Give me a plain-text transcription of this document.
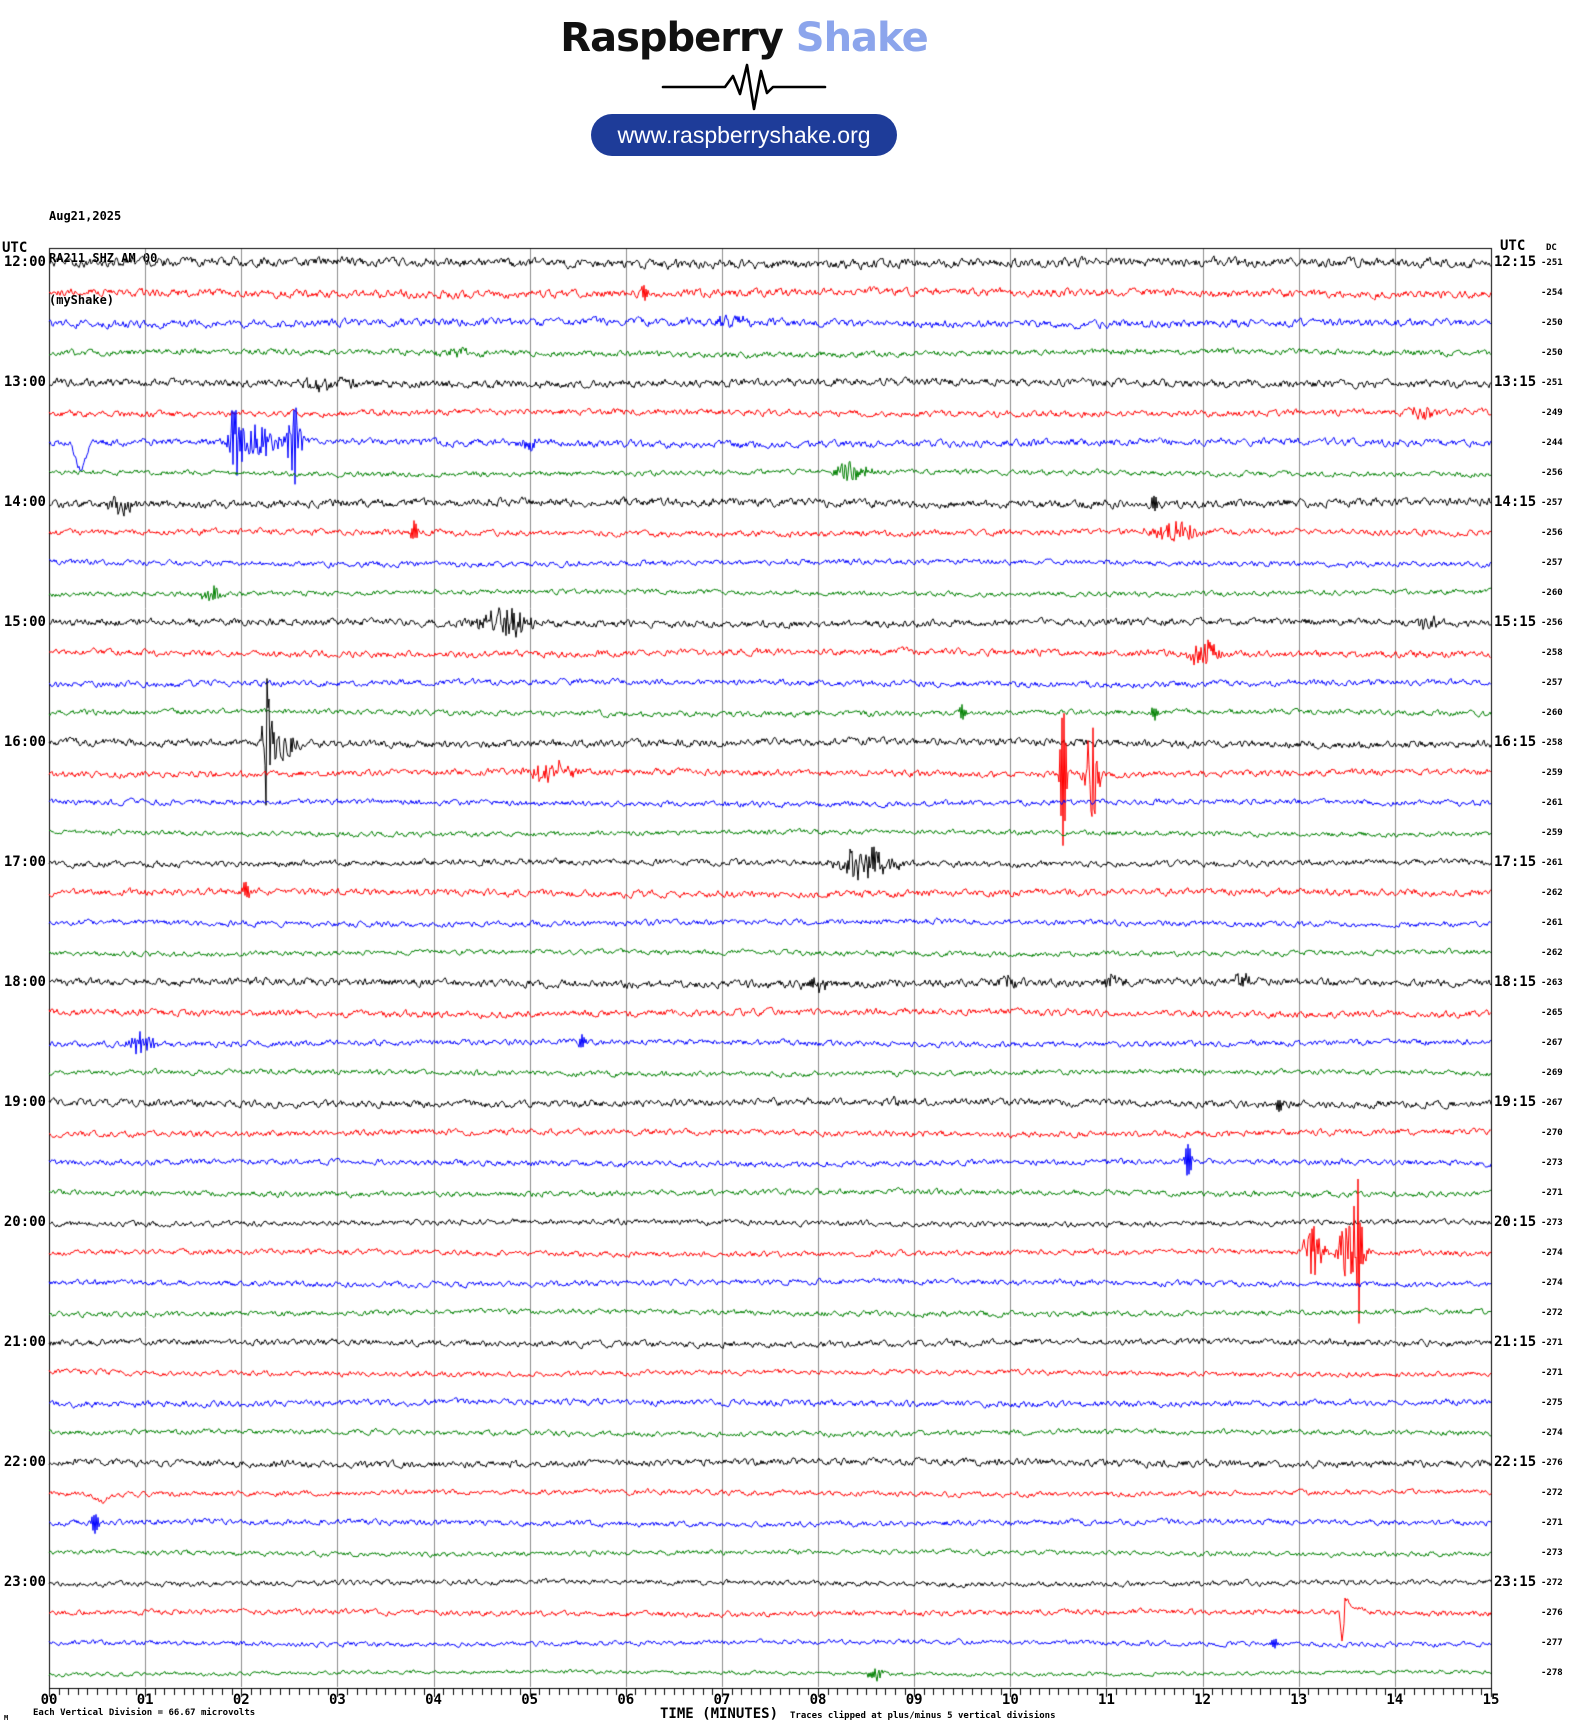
12:00
13:00
14:00
15:00
16:00
17:00
18:00
19:00
20:00
21:00
22:00
23:00
12:15
13:15
14:15
15:15
16:15
17:15
18:15
19:15
20:15
21:15
22:15
23:15
-251
-254
-250
-250
-251
-249
-244
-256
-257
-256
-257
-260
-256
-258
-257
-260
-258
-259
-261
-259
-261
-262
-261
-262
-263
-265
-267
-269
-267
-270
-273
-271
-273
-274
-274
-272
-271
-271
-275
-274
-276
-272
-271
-273
-272
-276
-277
-278
00	01	02	03	04	05	06	07	08	09	10	11	12	13	14	15
M	Each Vertical Division = 66.67 microvolts	TIME (MINUTES) Traces clipped at plus/minus 5 vertical divisions
